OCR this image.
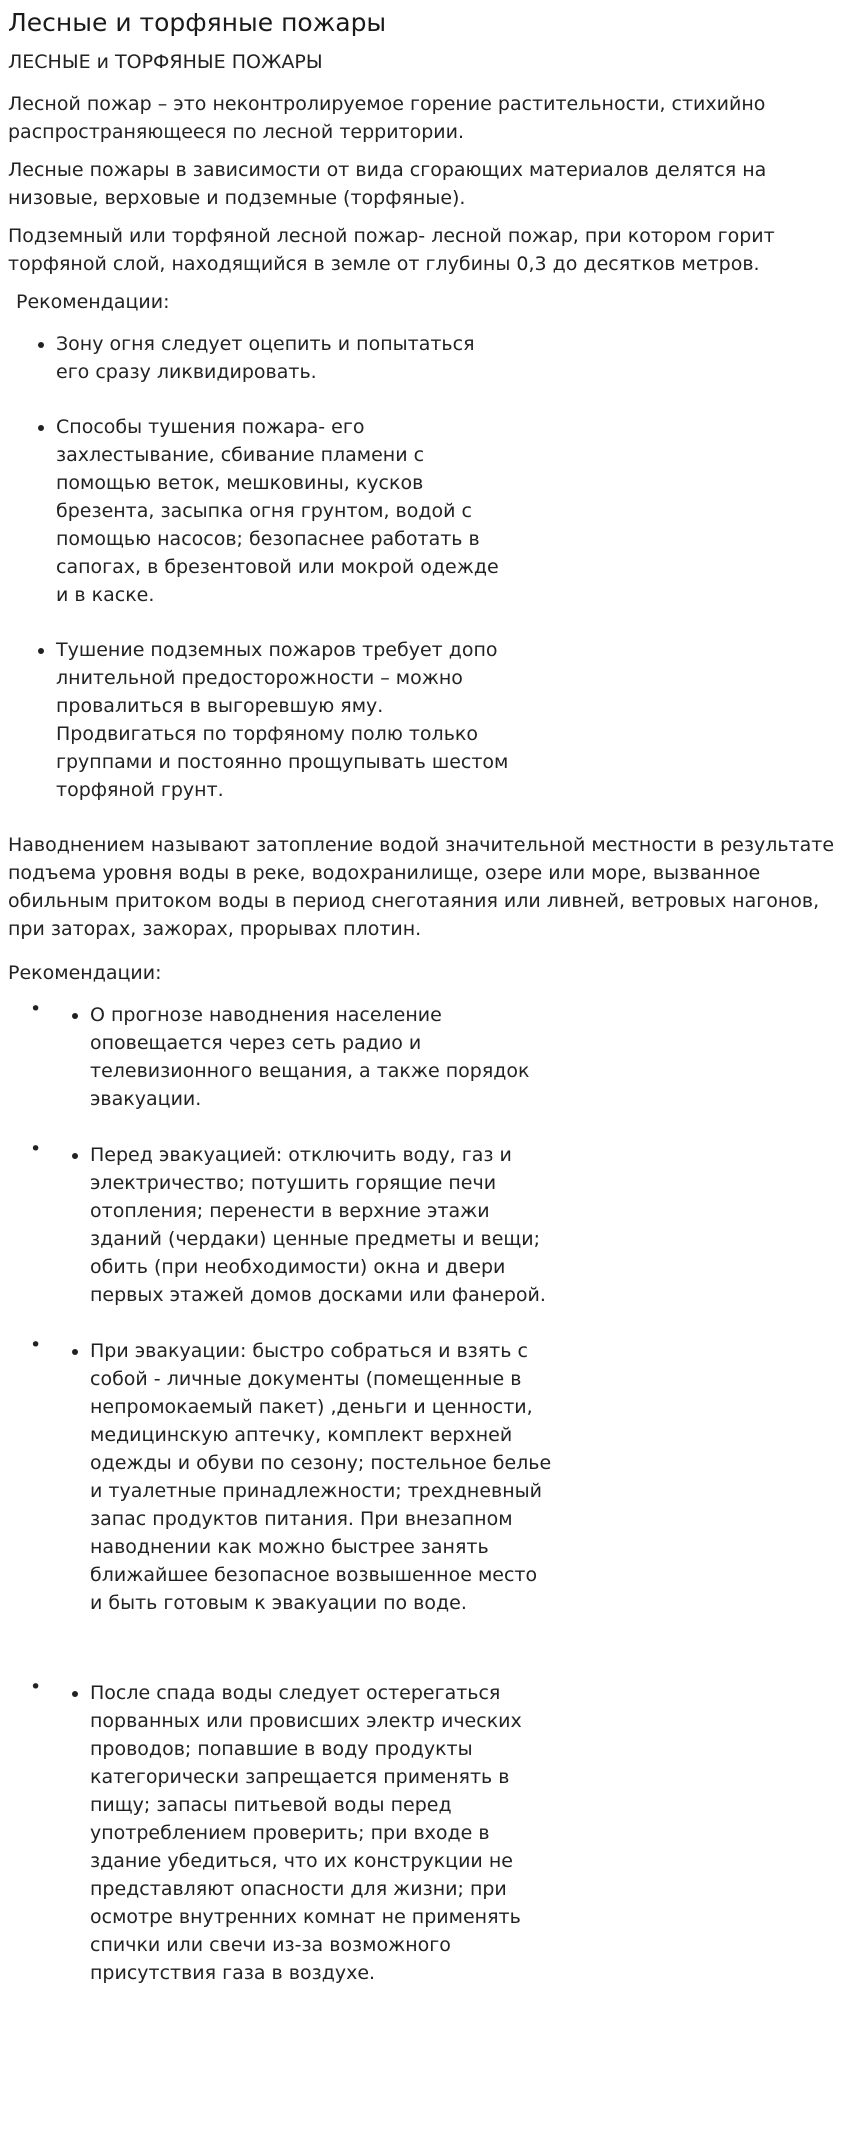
Лесные и торфяные пожары

ЛЕСНЫЕ и ТОРФЯНЫЕ ПОЖАРЫ

Лесной пожар – это неконтролируемое горение растительности, стихийно распространяющееся по лесной территории.

Лесные пожары в зависимости от вида сгорающих материалов делятся на низовые, верховые и подземные (торфяные).

Подземный или торфяной лесной пожар- лесной пожар, при котором горит торфяной слой, находящийся в земле от глубины 0,3 до десятков метров.

Рекомендации:
• Зону огня следует оцепить и попытаться его сразу ликвидировать.
• Способы тушения пожара- его захлестывание, сбивание пламени с помощью веток, мешковины, кусков брезента, засыпка огня грунтом, водой с помощью насосов; безопаснее работать в сапогах, в брезентовой или мокрой одежде и в каске.
• Тушение подземных пожаров требует допо лнительной предосторожности – можно провалиться в выгоревшую яму. Продвигаться по торфяному полю только группами и постоянно прощупывать шестом торфяной грунт.

Наводнением называют затопление водой значительной местности в результате подъема уровня воды в реке, водохранилище, озере или море, вызванное обильным притоком воды в период снеготаяния или ливней, ветровых нагонов, при заторах, зажорах, прорывах плотин.

Рекомендации:
• • О прогнозе наводнения население оповещается через сеть радио и телевизионного вещания, а также порядок эвакуации.
• • Перед эвакуацией: отключить воду, газ и электричество; потушить горящие печи отопления; перенести в верхние этажи зданий (чердаки) ценные предметы и вещи; обить (при необходимости) окна и двери первых этажей домов досками или фанерой.
• • При эвакуации: быстро собраться и взять с собой - личные документы (помещенные в непромокаемый пакет) ,деньги и ценности, медицинскую аптечку, комплект верхней одежды и обуви по сезону; постельное белье и туалетные принадлежности; трехдневный запас продуктов питания. При внезапном наводнении как можно быстрее занять ближайшее безопасное возвышенное место и быть готовым к эвакуации по воде.
• • После спада воды следует остерегаться порванных или провисших электр ических проводов; попавшие в воду продукты категорически запрещается применять в пищу; запасы питьевой воды перед употреблением проверить; при входе в здание убедиться, что их конструкции не представляют опасности для жизни; при осмотре внутренних комнат не применять спички или свечи из-за возможного присутствия газа в воздухе.
